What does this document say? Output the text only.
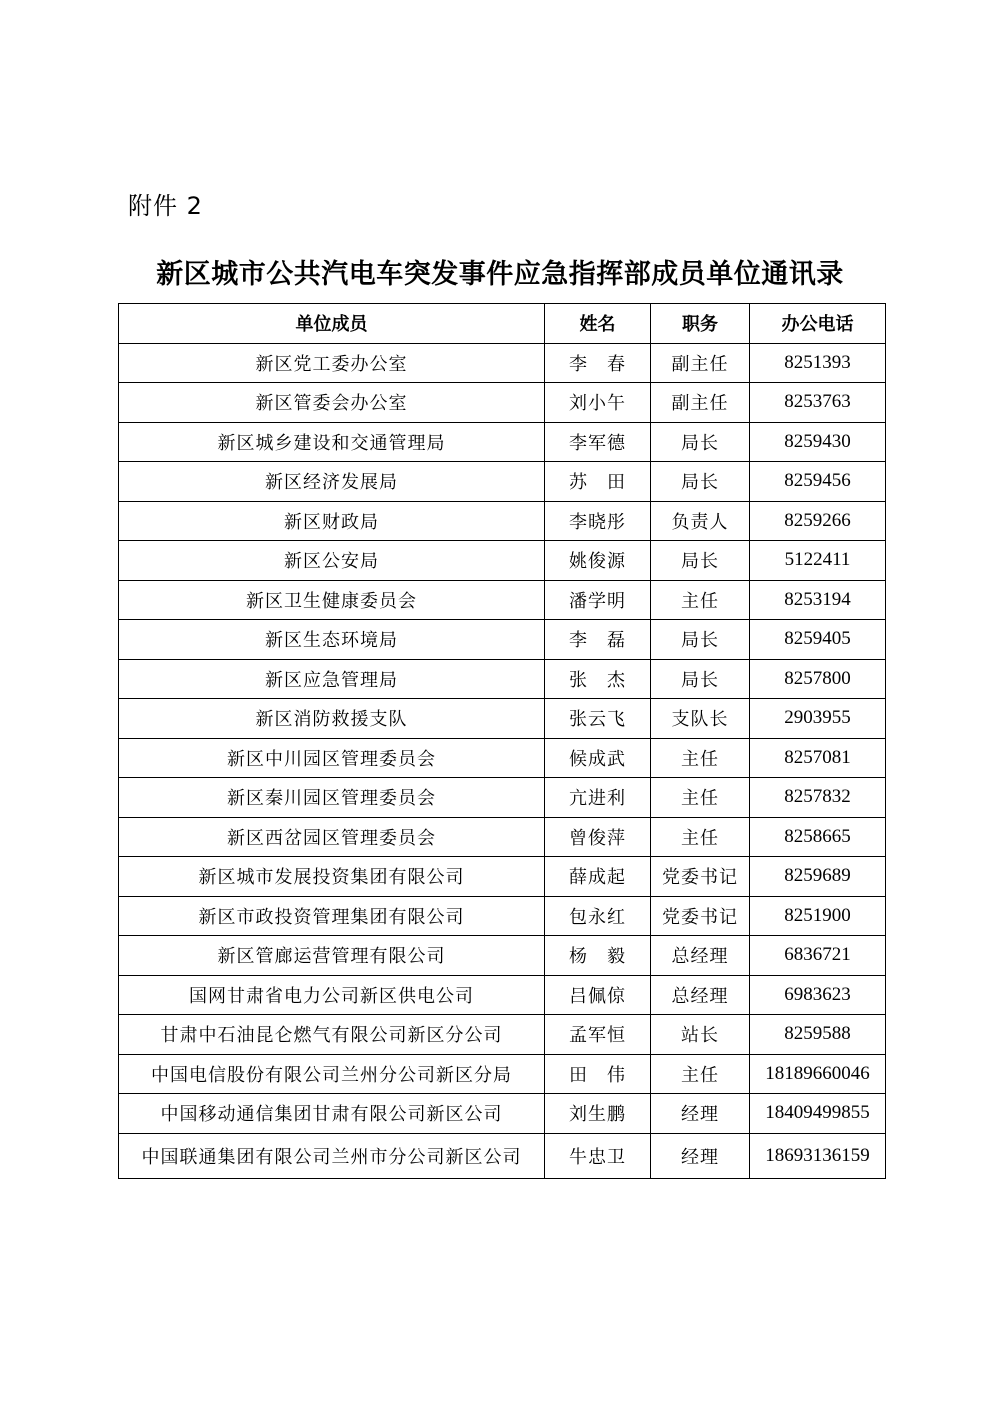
附件 2
新区城市公共汽电车突发事件应急指挥部成员单位通讯录
单位成员	姓名	职务	办公电话
新区党工委办公室	李　春	副主任	8251393
新区管委会办公室	刘小午	副主任	8253763
新区城乡建设和交通管理局	李军德	局长	8259430
新区经济发展局	苏　田	局长	8259456
新区财政局	李晓彤	负责人	8259266
新区公安局	姚俊源	局长	5122411
新区卫生健康委员会	潘学明	主任	8253194
新区生态环境局	李　磊	局长	8259405
新区应急管理局	张　杰	局长	8257800
新区消防救援支队	张云飞	支队长	2903955
新区中川园区管理委员会	候成武	主任	8257081
新区秦川园区管理委员会	亢进利	主任	8257832
新区西岔园区管理委员会	曾俊萍	主任	8258665
新区城市发展投资集团有限公司	薛成起	党委书记	8259689
新区市政投资管理集团有限公司	包永红	党委书记	8251900
新区管廊运营管理有限公司	杨　毅	总经理	6836721
国网甘肃省电力公司新区供电公司	吕佩倞	总经理	6983623
甘肃中石油昆仑燃气有限公司新区分公司	孟军恒	站长	8259588
中国电信股份有限公司兰州分公司新区分局	田　伟	主任	18189660046
中国移动通信集团甘肃有限公司新区公司	刘生鹏	经理	18409499855
中国联通集团有限公司兰州市分公司新区公司	牛忠卫	经理	18693136159
